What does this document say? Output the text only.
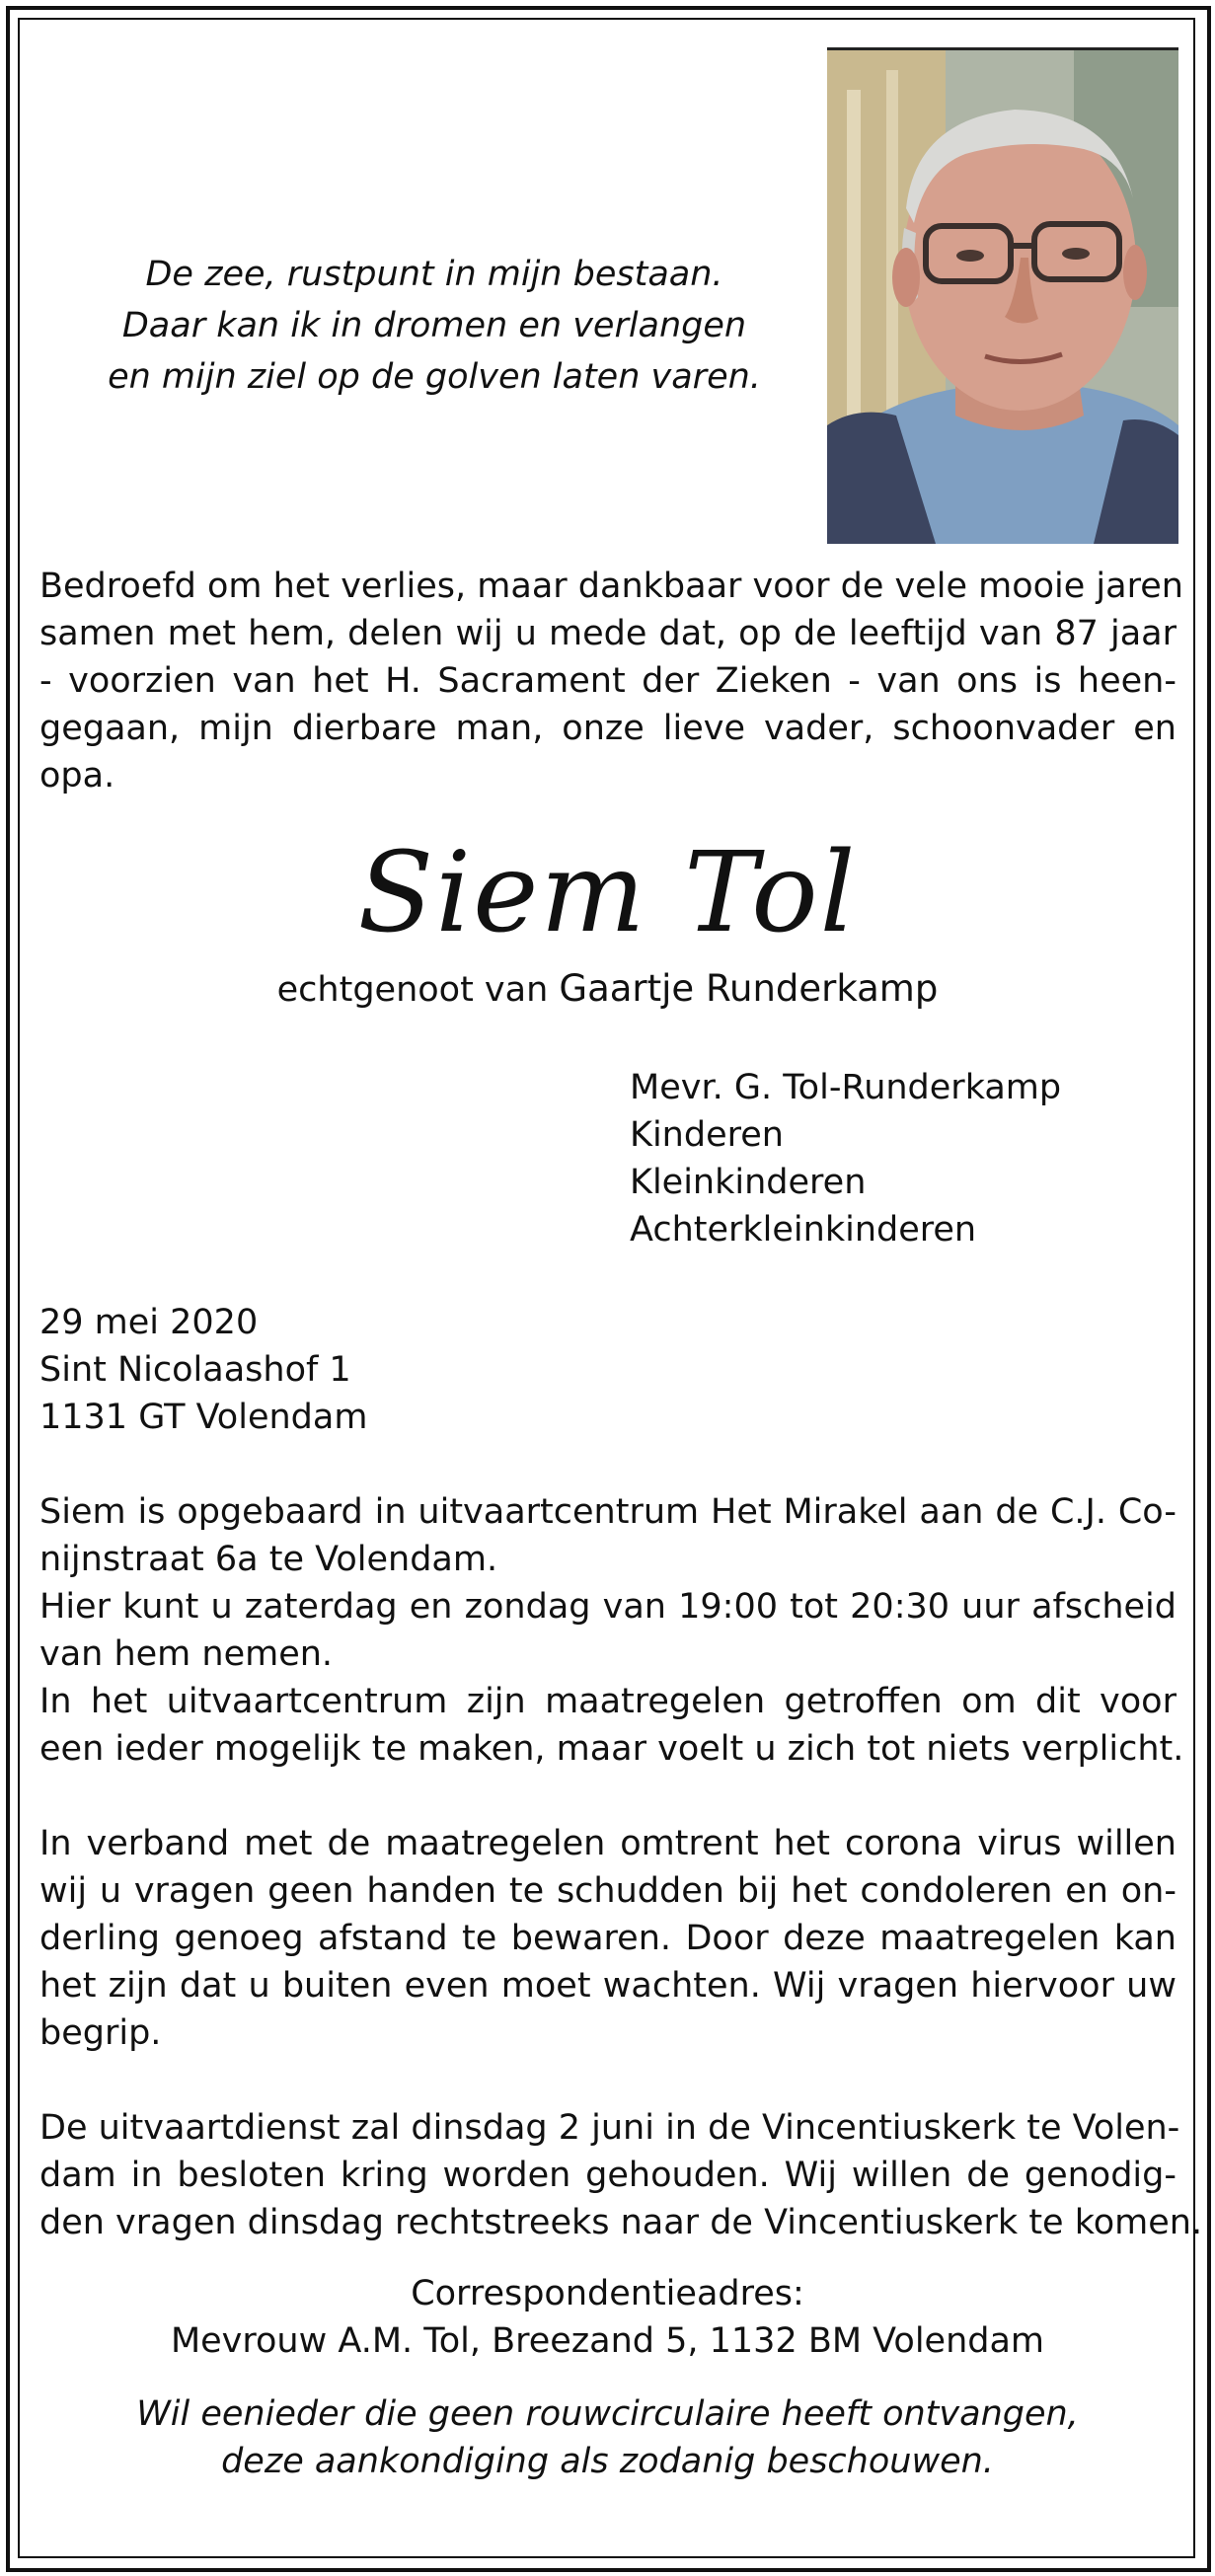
De zee, rustpunt in mijn bestaan.
Daar kan ik in dromen en verlangen
en mijn ziel op de golven laten varen.
Bedroefd om het verlies, maar dankbaar voor de vele mooie jaren
samen met hem, delen wij u mede dat, op de leeftijd van 87 jaar
- voorzien van het H. Sacrament der Zieken - van ons is heen-
gegaan, mijn dierbare man, onze lieve vader, schoonvader en
opa.
Siem Tol
echtgenoot van Gaartje Runderkamp
Mevr. G. Tol-Runderkamp
Kinderen
Kleinkinderen
Achterkleinkinderen
29 mei 2020
Sint Nicolaashof 1
1131 GT Volendam
Siem is opgebaard in uitvaartcentrum Het Mirakel aan de C.J. Co-
nijnstraat 6a te Volendam.
Hier kunt u zaterdag en zondag van 19:00 tot 20:30 uur afscheid
van hem nemen.
In het uitvaartcentrum zijn maatregelen getroffen om dit voor
een ieder mogelijk te maken, maar voelt u zich tot niets verplicht.
In verband met de maatregelen omtrent het corona virus willen
wij u vragen geen handen te schudden bij het condoleren en on-
derling genoeg afstand te bewaren. Door deze maatregelen kan
het zijn dat u buiten even moet wachten. Wij vragen hiervoor uw
begrip.
De uitvaartdienst zal dinsdag 2 juni in de Vincentiuskerk te Volen-
dam in besloten kring worden gehouden. Wij willen de genodig-
den vragen dinsdag rechtstreeks naar de Vincentiuskerk te komen.
Correspondentieadres:
Mevrouw A.M. Tol, Breezand 5, 1132 BM Volendam
Wil eenieder die geen rouwcirculaire heeft ontvangen,
deze aankondiging als zodanig beschouwen.
